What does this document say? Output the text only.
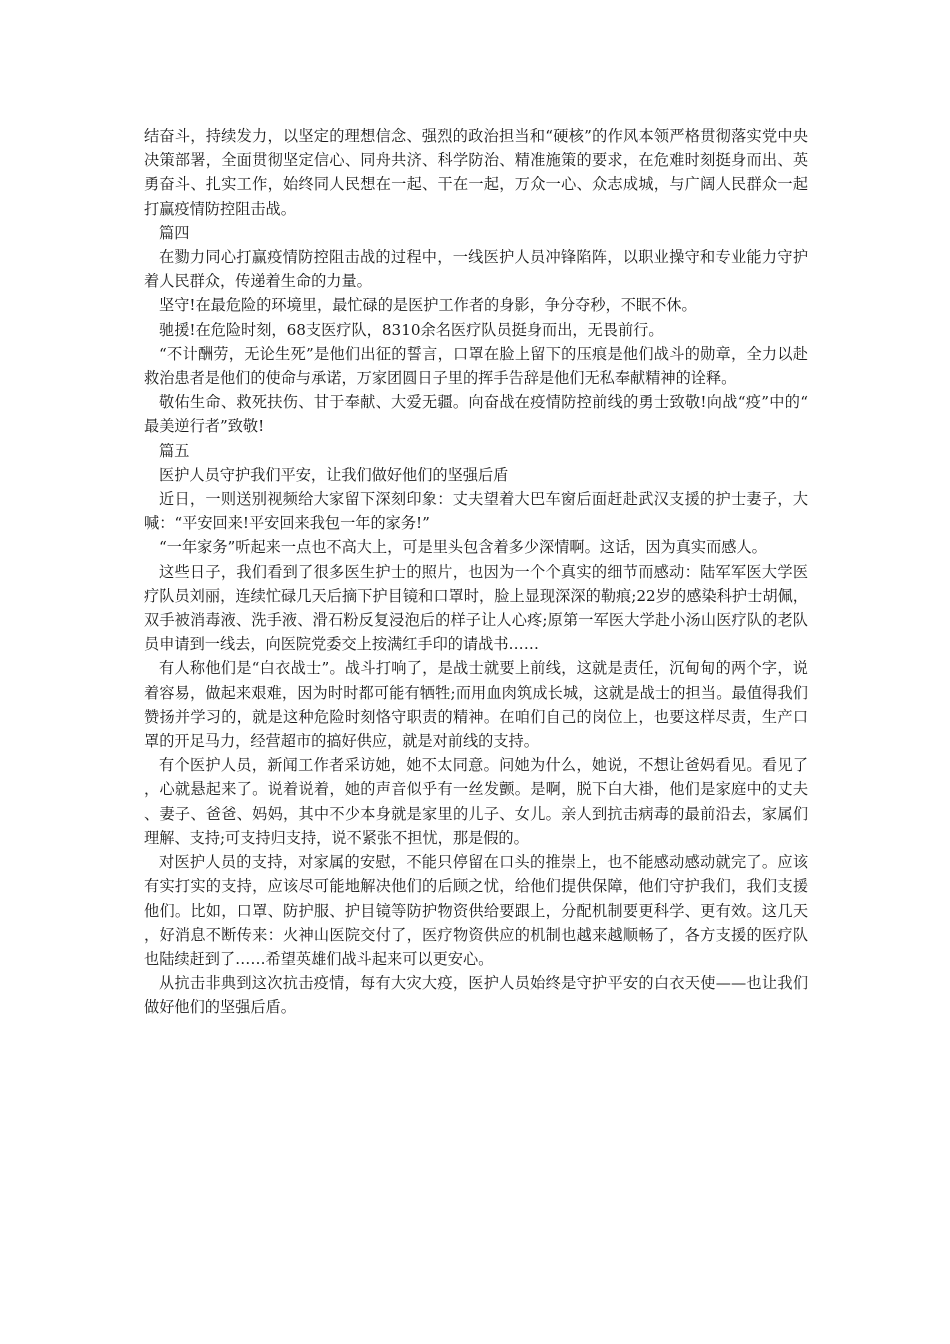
结奋斗，持续发力，以坚定的理想信念、强烈的政治担当和“硬核”的作风本领严格贯彻落实党中央决策部署，全面贯彻坚定信心、同舟共济、科学防治、精准施策的要求，在危难时刻挺身而出、英勇奋斗、扎实工作，始终同人民想在一起、干在一起，万众一心、众志成城，与广阔人民群众一起打赢疫情防控阻击战。

篇四

在勠力同心打赢疫情防控阻击战的过程中，一线医护人员冲锋陷阵，以职业操守和专业能力守护着人民群众，传递着生命的力量。

坚守!在最危险的环境里，最忙碌的是医护工作者的身影，争分夺秒，不眠不休。

驰援!在危险时刻，68支医疗队，8310余名医疗队员挺身而出，无畏前行。

“不计酬劳，无论生死”是他们出征的誓言，口罩在脸上留下的压痕是他们战斗的勋章，全力以赴救治患者是他们的使命与承诺，万家团圆日子里的挥手告辞是他们无私奉献精神的诠释。

敬佑生命、救死扶伤、甘于奉献、大爱无疆。向奋战在疫情防控前线的勇士致敬!向战“疫”中的“最美逆行者”致敬!

篇五

医护人员守护我们平安，让我们做好他们的坚强后盾

近日，一则送别视频给大家留下深刻印象：丈夫望着大巴车窗后面赶赴武汉支援的护士妻子，大喊：“平安回来!平安回来我包一年的家务!”

“一年家务”听起来一点也不高大上，可是里头包含着多少深情啊。这话，因为真实而感人。

这些日子，我们看到了很多医生护士的照片，也因为一个个真实的细节而感动：陆军军医大学医疗队员刘丽，连续忙碌几天后摘下护目镜和口罩时，脸上显现深深的勒痕;22岁的感染科护士胡佩，双手被消毒液、洗手液、滑石粉反复浸泡后的样子让人心疼;原第一军医大学赴小汤山医疗队的老队员申请到一线去，向医院党委交上按满红手印的请战书……

有人称他们是“白衣战士”。战斗打响了，是战士就要上前线，这就是责任，沉甸甸的两个字，说着容易，做起来艰难，因为时时都可能有牺牲;而用血肉筑成长城，这就是战士的担当。最值得我们赞扬并学习的，就是这种危险时刻恪守职责的精神。在咱们自己的岗位上，也要这样尽责，生产口罩的开足马力，经营超市的搞好供应，就是对前线的支持。

有个医护人员，新闻工作者采访她，她不太同意。问她为什么，她说，不想让爸妈看见。看见了，心就悬起来了。说着说着，她的声音似乎有一丝发颤。是啊，脱下白大褂，他们是家庭中的丈夫、妻子、爸爸、妈妈，其中不少本身就是家里的儿子、女儿。亲人到抗击病毒的最前沿去，家属们理解、支持;可支持归支持，说不紧张不担忧，那是假的。

对医护人员的支持，对家属的安慰，不能只停留在口头的推崇上，也不能感动感动就完了。应该有实打实的支持，应该尽可能地解决他们的后顾之忧，给他们提供保障，他们守护我们，我们支援他们。比如，口罩、防护服、护目镜等防护物资供给要跟上，分配机制要更科学、更有效。这几天，好消息不断传来：火神山医院交付了，医疗物资供应的机制也越来越顺畅了，各方支援的医疗队也陆续赶到了……希望英雄们战斗起来可以更安心。

从抗击非典到这次抗击疫情，每有大灾大疫，医护人员始终是守护平安的白衣天使——也让我们做好他们的坚强后盾。
